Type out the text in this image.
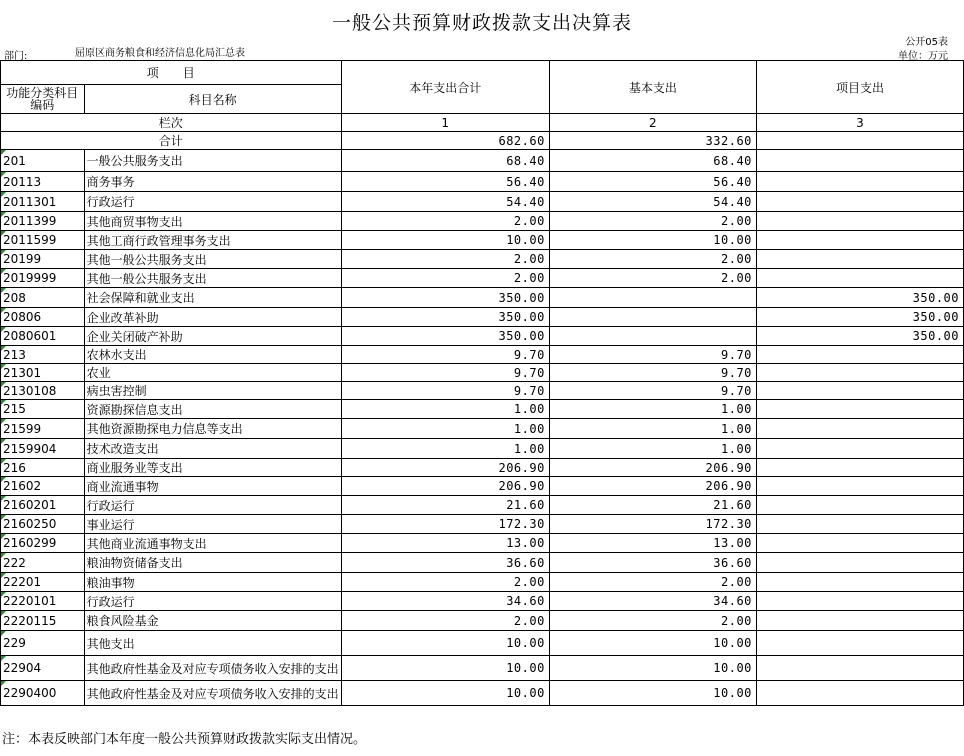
一般公共预算财政拨款支出决算表
公开05表
单位：万元
部门:	屈原区商务粮食和经济信息化局汇总表
项　　目		本年支出合计	基本支出	项目支出
功能分类科目编码	科目名称			
栏次		1	2	3
合计		682.60	332.60	

201	一般公共服务支出	68.40	68.40	

20113	商务事务	56.40	56.40	

2011301	行政运行	54.40	54.40	

2011399	其他商贸事物支出	2.00	2.00	

2011599	其他工商行政管理事务支出	10.00	10.00	

20199	其他一般公共服务支出	2.00	2.00	

2019999	其他一般公共服务支出	2.00	2.00	

208	社会保障和就业支出	350.00		350.00

20806	企业改革补助	350.00		350.00

2080601	企业关闭破产补助	350.00		350.00

213	农林水支出	9.70	9.70	

21301	农业	9.70	9.70	

2130108	病虫害控制	9.70	9.70	

215	资源勘探信息支出	1.00	1.00	

21599	其他资源勘探电力信息等支出	1.00	1.00	

2159904	技术改造支出	1.00	1.00	

216	商业服务业等支出	206.90	206.90	

21602	商业流通事物	206.90	206.90	

2160201	行政运行	21.60	21.60	

2160250	事业运行	172.30	172.30	

2160299	其他商业流通事物支出	13.00	13.00	

222	粮油物资储备支出	36.60	36.60	

22201	粮油事物	2.00	2.00	

2220101	行政运行	34.60	34.60	

2220115	粮食风险基金	2.00	2.00	

229	其他支出	10.00	10.00	

22904	其他政府性基金及对应专项债务收入安排的支出	10.00	10.00	

2290400	其他政府性基金及对应专项债务收入安排的支出	10.00	10.00	
注：本表反映部门本年度一般公共预算财政拨款实际支出情况。
